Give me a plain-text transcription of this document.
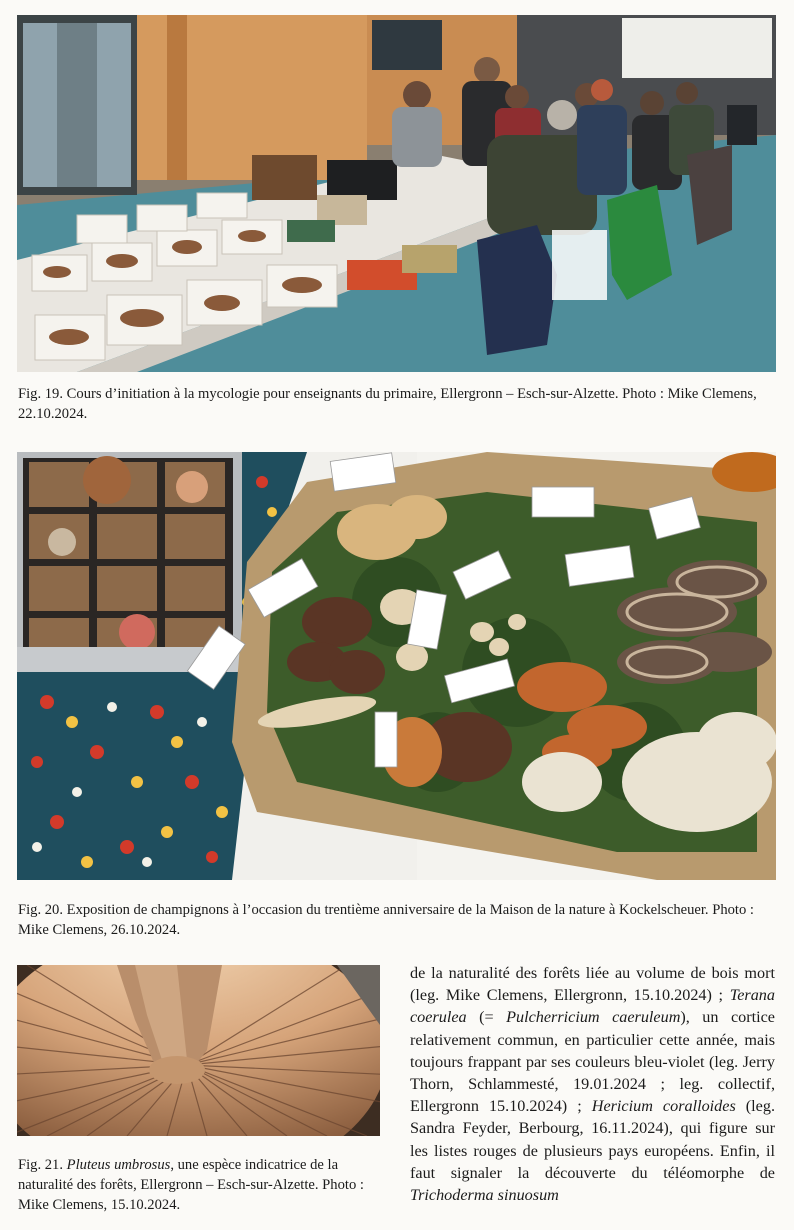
Fig. 19. Cours d’initiation à la mycologie pour enseignants du primaire, Ellergronn – Esch-sur-Alzette. Photo : Mike Clemens, 22.10.2024.

Fig. 20. Exposition de champignons à l’occasion du trentième anniversaire de la Maison de la nature à Kockelscheuer. Photo : Mike Clemens, 26.10.2024.

Fig. 21. Pluteus umbrosus, une espèce indicatrice de la naturalité des forêts, Ellergronn – Esch-sur-Alzette. Photo : Mike Clemens, 15.10.2024.

de la naturalité des forêts liée au volume de bois mort (leg. Mike Clemens, Ellergronn, 15.10.2024) ; Terana coerulea (= Pulcherricium caeruleum), un cortice relativement commun, en particulier cette année, mais toujours frappant par ses couleurs bleu-violet (leg. Jerry Thorn, Schlammesté, 19.01.2024 ; leg. collectif, Ellergronn 15.10.2024) ; Hericium coralloides (leg. Sandra Feyder, Berbourg, 16.11.2024), qui figure sur les listes rouges de plusieurs pays européens. Enfin, il faut signaler la découverte du téléomorphe de Trichoderma sinuosum
